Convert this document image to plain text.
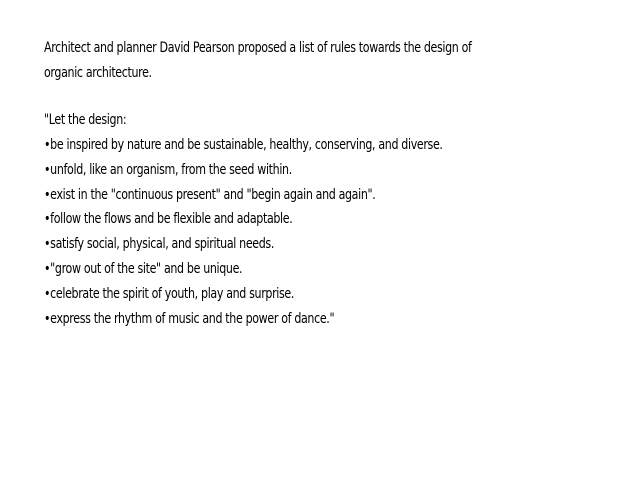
Architect and planner David Pearson proposed a list of rules towards the design of
organic architecture.

"Let the design:

•be inspired by nature and be sustainable, healthy, conserving, and diverse.
•unfold, like an organism, from the seed within.
•exist in the "continuous present" and "begin again and again".
•follow the flows and be flexible and adaptable.
•satisfy social, physical, and spiritual needs.
•"grow out of the site" and be unique.
•celebrate the spirit of youth, play and surprise.
•express the rhythm of music and the power of dance."
